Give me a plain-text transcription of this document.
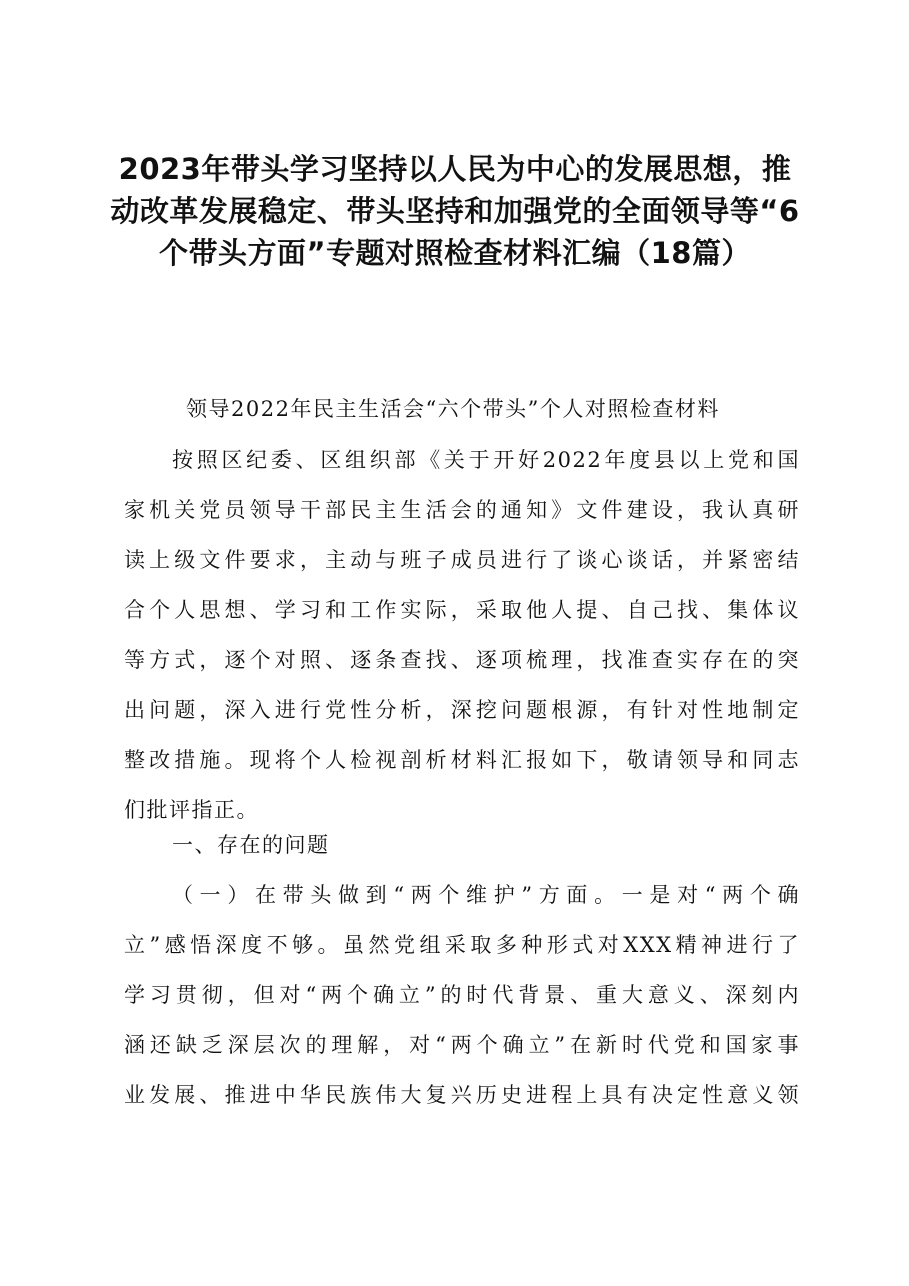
2023年带头学习坚持以人民为中心的发展思想，推动改革发展稳定、带头坚持和加强党的全面领导等“6个带头方面”专题对照检查材料汇编（18篇）
领导2022年民主生活会“六个带头”个人对照检查材料
按照区纪委、区组织部《关于开好2022年度县以上党和国
家机关党员领导干部民主生活会的通知》文件建设，我认真研
读上级文件要求，主动与班子成员进行了谈心谈话，并紧密结
合个人思想、学习和工作实际，采取他人提、自己找、集体议
等方式，逐个对照、逐条查找、逐项梳理，找准查实存在的突
出问题，深入进行党性分析，深挖问题根源，有针对性地制定
整改措施。现将个人检视剖析材料汇报如下，敬请领导和同志
们批评指正。
一、存在的问题
（一）在带头做到“两个维护”方面。一是对“两个确
立”感悟深度不够。虽然党组采取多种形式对XXX精神进行了
学习贯彻，但对“两个确立”的时代背景、重大意义、深刻内
涵还缺乏深层次的理解，对“两个确立”在新时代党和国家事
业发展、推进中华民族伟大复兴历史进程上具有决定性意义领
